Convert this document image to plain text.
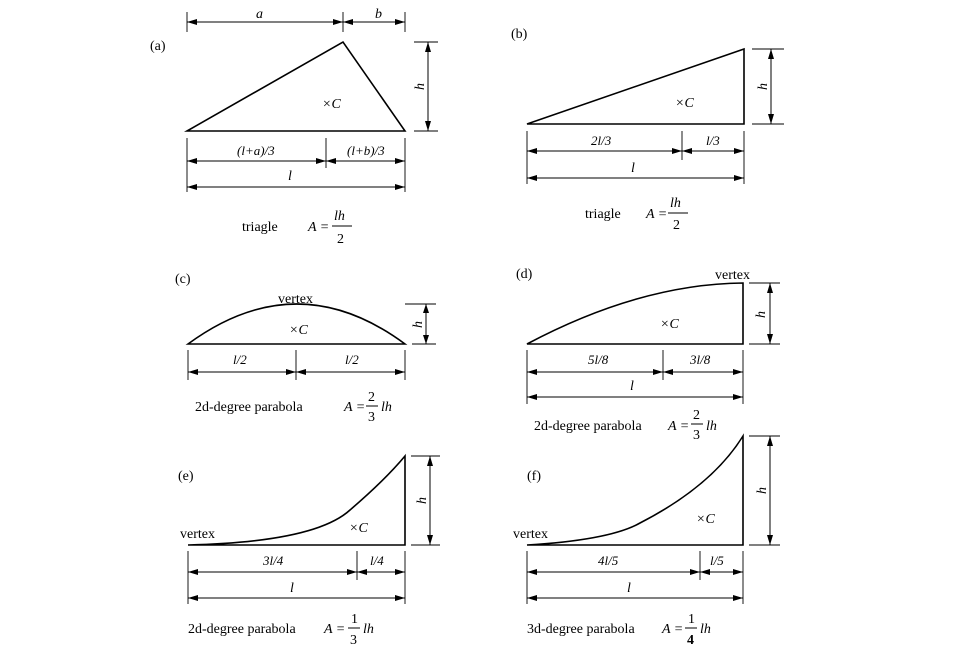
(a)
a	b
×C
h
(l+a)/3	(l+b)/3
l
triagle A =
lh
2
(b)
×C
h
2l/3	l/3
l
triagle A =
lh
2
(c)
vertex
×C	h
l/2	l/2
2d-degree parabola	A =
2
3
lh
(d)	vertex
×C
h
5l/8	3l/8
l
2d-degree parabola A =
2
3
lh
(e)
vertex	×C
h
3l/4	l/4
l
2d-degree parabola A =
1
3
lh
(f)
vertex
×C
h
4l/5	l/5
l
3d-degree parabola A =
1
4
lh
